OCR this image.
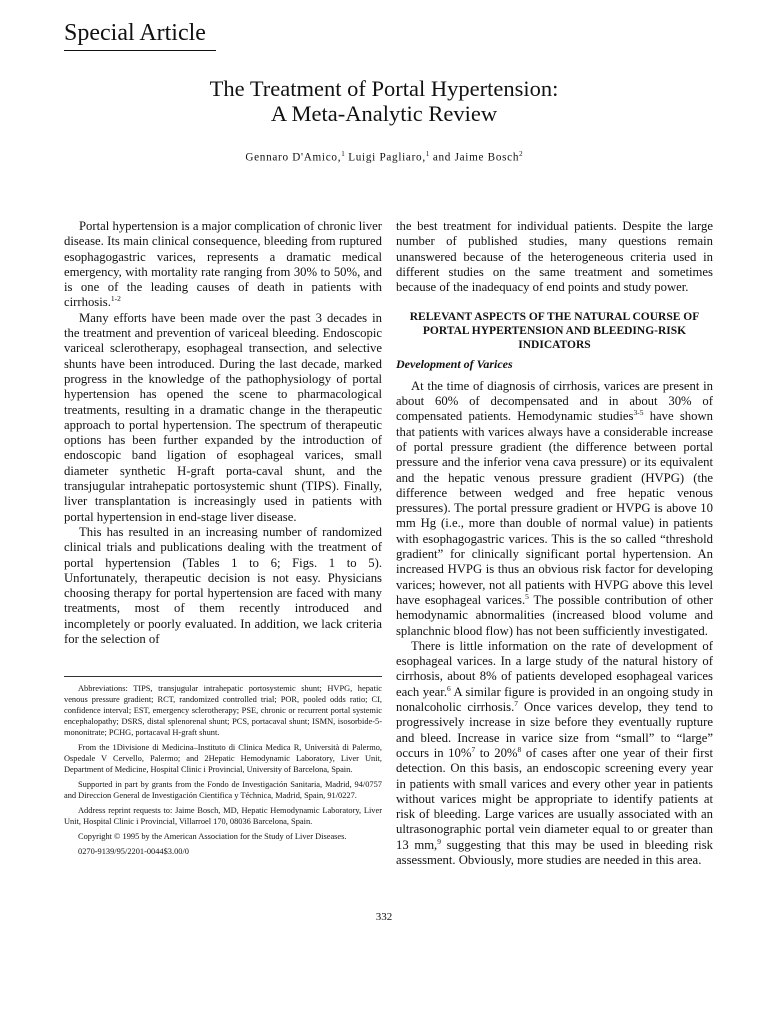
Special Article
The Treatment of Portal Hypertension:
A Meta-Analytic Review
Gennaro D'Amico,$^1$ Luigi Pagliaro,$^1$ and Jaime Bosch$^2$

Portal hypertension is a major complication of chronic liver disease. Its main clinical consequence, bleeding from ruptured esophagogastric varices, represents a dramatic medical emergency, with mortality rate ranging from 30% to 50%, and is one of the leading causes of death in patients with cirrhosis.$^{1-2}$

Many efforts have been made over the past 3 decades in the treatment and prevention of variceal bleeding. Endoscopic variceal sclerotherapy, esophageal transection, and selective shunts have been introduced. During the last decade, marked progress in the knowledge of the pathophysiology of portal hypertension has opened the scene to pharmacological treatments, resulting in a dramatic change in the therapeutic approach to portal hypertension. The spectrum of therapeutic options has been further expanded by the introduction of endoscopic band ligation of esophageal varices, small diameter synthetic H-graft porta-caval shunt, and the transjugular intrahepatic portosystemic shunt (TIPS). Finally, liver transplantation is increasingly used in patients with portal hypertension in end-stage liver disease.

This has resulted in an increasing number of randomized clinical trials and publications dealing with the treatment of portal hypertension (Tables 1 to 6; Figs. 1 to 5). Unfortunately, therapeutic decision is not easy. Physicians choosing therapy for portal hypertension are faced with many treatments, most of them recently introduced and incompletely or poorly evaluated. In addition, we lack criteria for the selection of

the best treatment for individual patients. Despite the large number of published studies, many questions remain unanswered because of the heterogeneous criteria used in different studies on the same treatment and sometimes because of the inadequacy of end points and study power.

RELEVANT ASPECTS OF THE NATURAL COURSE OF PORTAL HYPERTENSION AND BLEEDING-RISK INDICATORS
Development of Varices

At the time of diagnosis of cirrhosis, varices are present in about 60% of decompensated and in about 30% of compensated patients. Hemodynamic studies$^{3-5}$ have shown that patients with varices always have a considerable increase of portal pressure gradient (the difference between portal pressure and the inferior vena cava pressure) or its equivalent and the hepatic venous pressure gradient (HVPG) (the difference between wedged and free hepatic venous pressures). The portal pressure gradient or HVPG is above 10 mm Hg (i.e., more than double of normal value) in patients with esophagogastric varices. This is the so called “threshold gradient” for clinically significant portal hypertension. An increased HVPG is thus an obvious risk factor for developing varices; however, not all patients with HVPG above this level have esophageal varices.$^5$ The possible contribution of other hemodynamic abnormalities (increased blood volume and splanchnic blood flow) has not been sufficiently investigated.

There is little information on the rate of development of esophageal varices. In a large study of the natural history of cirrhosis, about 8% of patients developed esophageal varices each year.$^6$ A similar figure is provided in an ongoing study in nonalcoholic cirrhosis.$^7$ Once varices develop, they tend to progressively increase in size before they eventually rupture and bleed. Increase in varice size from “small” to “large” occurs in 10%$^7$ to 20%$^8$ of cases after one year of their first detection. On this basis, an endoscopic screening every year in patients with small varices and every other year in patients without varices might be appropriate to identify patients at risk of bleeding. Large varices are usually associated with an ultrasonographic portal vein diameter equal to or greater than 13 mm,$^9$ suggesting that this may be used in bleeding risk assessment. Obviously, more studies are needed in this area.

Abbreviations: TIPS, transjugular intrahepatic portosystemic shunt; HVPG, hepatic venous pressure gradient; RCT, randomized controlled trial; POR, pooled odds ratio; CI, confidence interval; EST, emergency sclerotherapy; PSE, chronic or recurrent portal systemic encephalopathy; DSRS, distal splenorenal shunt; PCS, portacaval shunt; ISMN, isosorbide-5-mononitrate; PCHG, portacaval H-graft shunt.

From the 1Divisione di Medicina–Instituto di Clinica Medica R, Università di Palermo, Ospedale V Cervello, Palermo; and 2Hepatic Hemodynamic Laboratory, Liver Unit, Department of Medicine, Hospital Clinic i Provincial, University of Barcelona, Spain.

Supported in part by grants from the Fondo de Investigación Sanitaria, Madrid, 94/0757 and Direccion General de Investigación Cientifica y Téchnica, Madrid, Spain, 91/0227.

Address reprint requests to: Jaime Bosch, MD, Hepatic Hemodynamic Laboratory, Liver Unit, Hospital Clinic i Provincial, Villarroel 170, 08036 Barcelona, Spain.

Copyright © 1995 by the American Association for the Study of Liver Diseases.

0270-9139/95/2201-0044$3.00/0

332
